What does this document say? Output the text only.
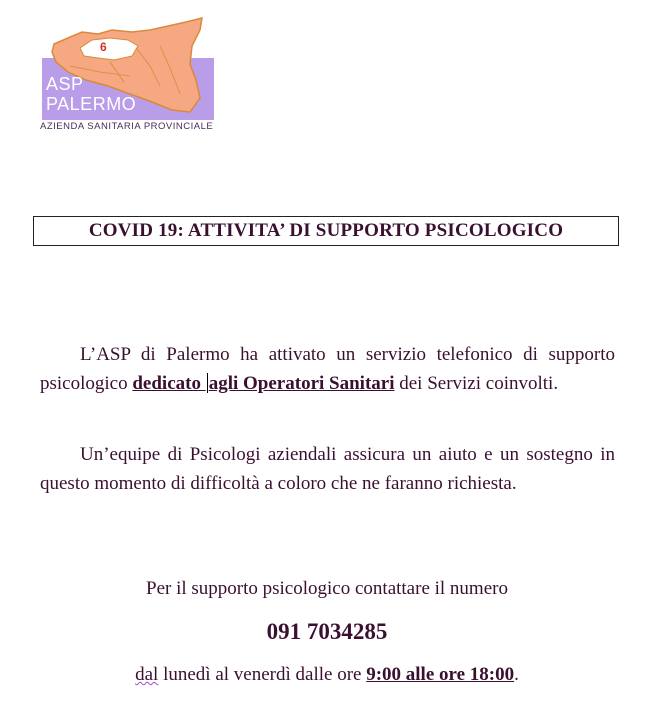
6
ASP
PALERMO
AZIENDA SANITARIA PROVINCIALE
COVID 19: ATTIVITA’ DI SUPPORTO PSICOLOGICO

L’ASP di Palermo ha attivato un servizio telefonico di supporto psicologico dedicato agli Operatori Sanitari dei Servizi coinvolti.

Un’equipe di Psicologi aziendali assicura un aiuto e un sostegno in questo momento di difficoltà a coloro che ne faranno richiesta.

Per il supporto psicologico contattare il numero

091 7034285

dal lunedì al venerdì dalle ore 9:00 alle ore 18:00.
